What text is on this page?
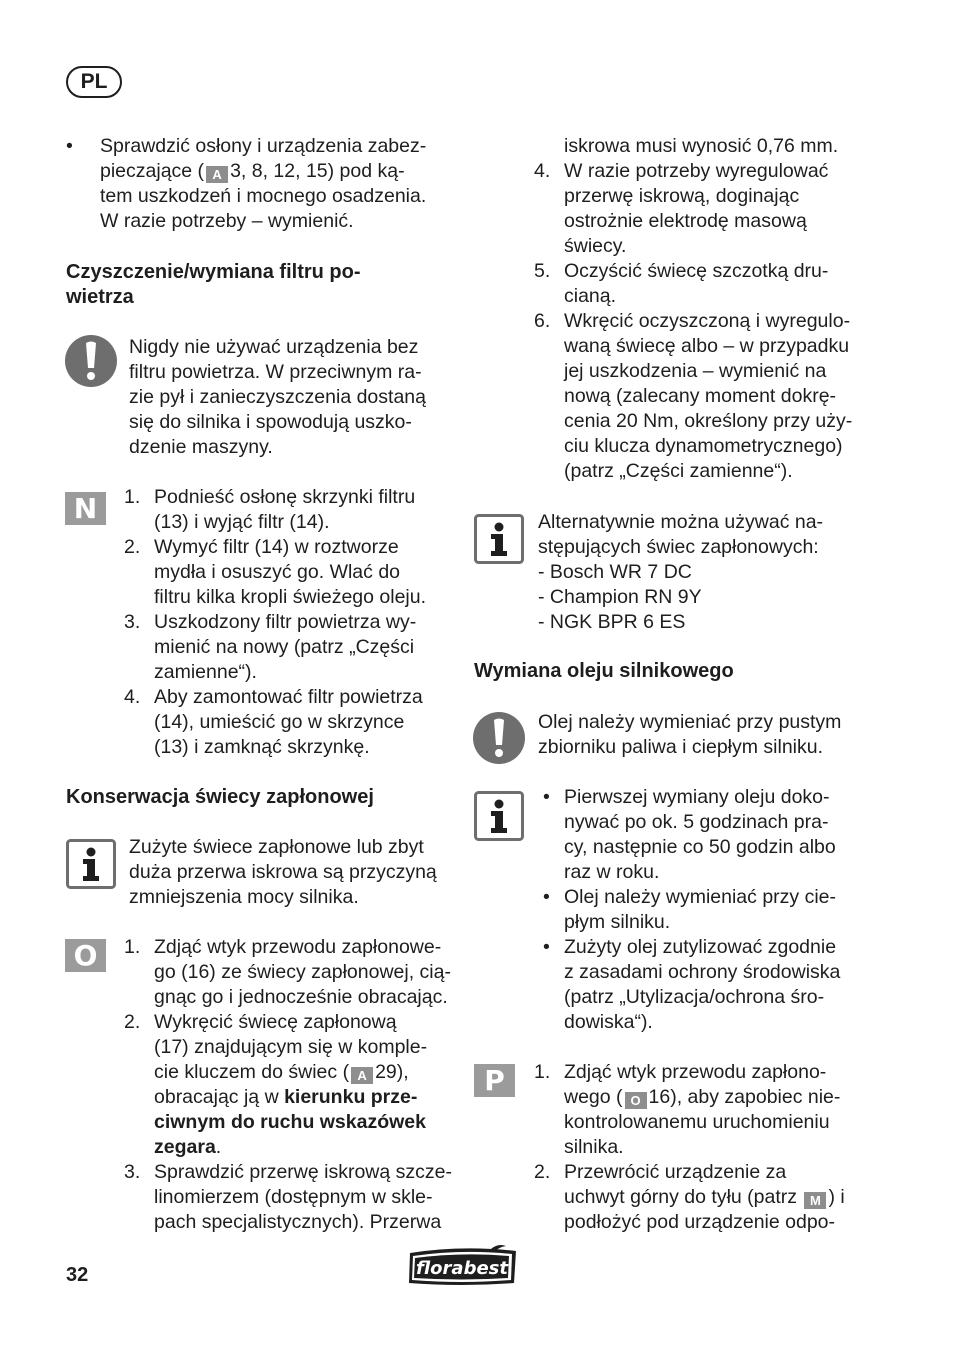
PL
• Sprawdzić osłony i urządzenia zabez-
pieczające ( A 3, 8, 12, 15) pod ką-
tem uszkodzeń i mocnego osadzenia.
W razie potrzeby – wymienić.
Czyszczenie/wymiana filtru po-
wietrza
Nigdy nie używać urządzenia bez
filtru powietrza. W przeciwnym ra-
zie pył i zanieczyszczenia dostaną
się do silnika i spowodują uszko-
dzenie maszyny.
N	1. Podnieść osłonę skrzynki filtru
(13) i wyjąć filtr (14).
2. Wymyć filtr (14) w roztworze
mydła i osuszyć go. Wlać do
filtru kilka kropli świeżego oleju.
3. Uszkodzony filtr powietrza wy-
mienić na nowy (patrz „Części
zamienne“).
4. Aby zamontować filtr powietrza
(14), umieścić go w skrzynce
(13) i zamknąć skrzynkę.
Konserwacja świecy zapłonowej
Zużyte świece zapłonowe lub zbyt
duża przerwa iskrowa są przyczyną
zmniejszenia mocy silnika.
O	1. Zdjąć wtyk przewodu zapłonowe-
go (16) ze świecy zapłonowej, cią-
gnąc go i jednocześnie obracając.
2. Wykręcić świecę zapłonową
(17) znajdującym się w komple-
cie kluczem do świec ( A 29),
obracając ją w kierunku prze-
ciwnym do ruchu wskazówek
zegara.
3. Sprawdzić przerwę iskrową szcze-
linomierzem (dostępnym w skle-
pach specjalistycznych). Przerwa
iskrowa musi wynosić 0,76 mm.
4. W razie potrzeby wyregulować
przerwę iskrową, doginając
ostrożnie elektrodę masową
świecy.
5. Oczyścić świecę szczotką dru-
cianą.
6. Wkręcić oczyszczoną i wyregulo-
waną świecę albo – w przypadku
jej uszkodzenia – wymienić na
nową (zalecany moment dokrę-
cenia 20 Nm, określony przy uży-
ciu klucza dynamometrycznego)
(patrz „Części zamienne“).
Alternatywnie można używać na-
stępujących świec zapłonowych:
- Bosch WR 7 DC
- Champion RN 9Y
- NGK BPR 6 ES
Wymiana oleju silnikowego
Olej należy wymieniać przy pustym
zbiorniku paliwa i ciepłym silniku.
• Pierwszej wymiany oleju doko-
nywać po ok. 5 godzinach pra-
cy, następnie co 50 godzin albo
raz w roku.
• Olej należy wymieniać przy cie-
płym silniku.
• Zużyty olej zutylizować zgodnie
z zasadami ochrony środowiska
(patrz „Utylizacja/ochrona śro-
dowiska“).
P	1. Zdjąć wtyk przewodu zapłono-
wego ( O 16), aby zapobiec nie-
kontrolowanemu uruchomieniu
silnika.
2. Przewrócić urządzenie za
uchwyt górny do tyłu (patrz M ) i
podłożyć pod urządzenie odpo-
32	florabest
